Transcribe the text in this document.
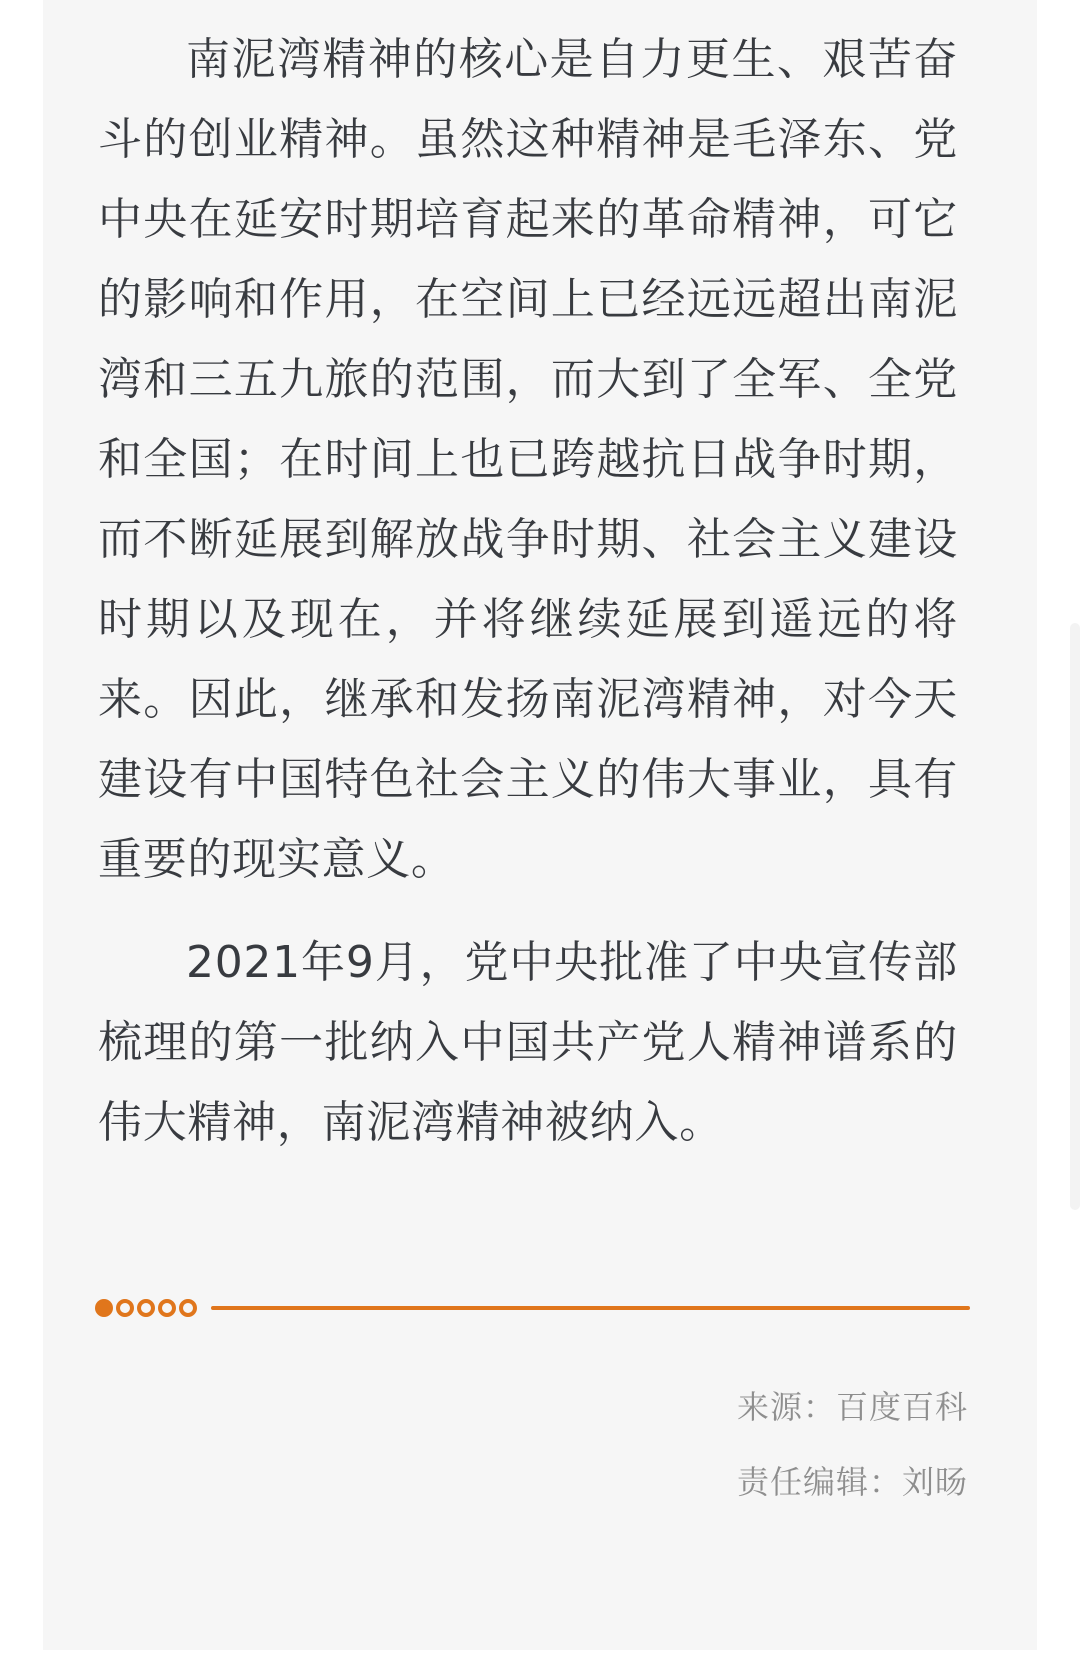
南泥湾精神的核心是自力更生、艰苦奋斗的创业精神。虽然这种精神是毛泽东、党中央在延安时期培育起来的革命精神，可它的影响和作用，在空间上已经远远超出南泥湾和三五九旅的范围，而大到了全军、全党和全国；在时间上也已跨越抗日战争时期，而不断延展到解放战争时期、社会主义建设时期以及现在，并将继续延展到遥远的将来。因此，继承和发扬南泥湾精神，对今天建设有中国特色社会主义的伟大事业，具有重要的现实意义。

2021年9月，党中央批准了中央宣传部梳理的第一批纳入中国共产党人精神谱系的伟大精神，南泥湾精神被纳入。

来源：百度百科
责任编辑：刘旸
